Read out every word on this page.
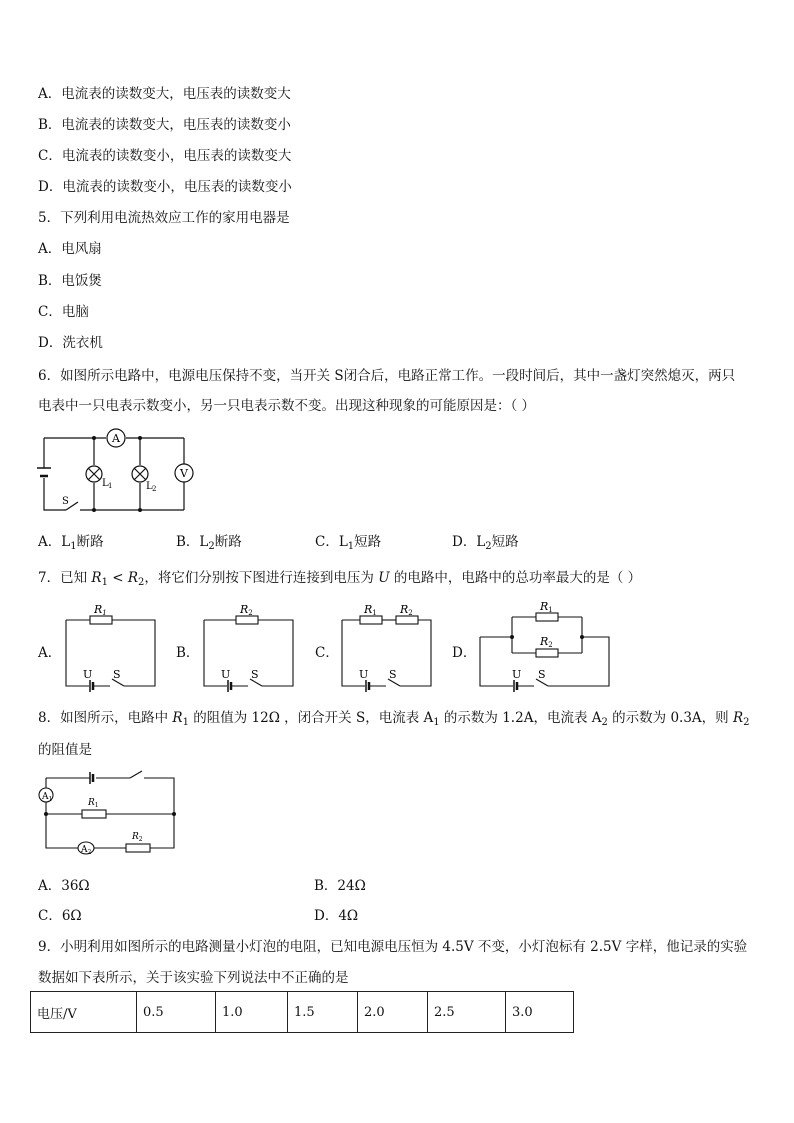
A．电流表的读数变大，电压表的读数变大
B．电流表的读数变大，电压表的读数变小
C．电流表的读数变小，电压表的读数变大
D．电流表的读数变小，电压表的读数变小
5．下列利用电流热效应工作的家用电器是
A．电风扇
B．电饭煲
C．电脑
D．洗衣机
6．如图所示电路中，电源电压保持不变，当开关 S闭合后，电路正常工作。一段时间后，其中一盏灯突然熄灭，两只
电表中一只电表示数变小，另一只电表示数不变。出现这种现象的可能原因是：（ ）
A
V
S
L 1	L 2
A．$L_1$断路	B．$L_2$断路	C．$L_1$短路	D．$L_2$短路
7．已知 $R_1 < R_2$，将它们分别按下图进行连接到电压为 U 的电路中，电路中的总功率最大的是（ ）
A．	B．	C．	D．
R1
U S
R2
U S
R1 R2
U S
R1
R2
U S
8．如图所示，电路中 $R_1$ 的阻值为 12Ω ，闭合开关 S，电流表 $A_1$ 的示数为 1.2A，电流表 $A_2$ 的示数为 0.3A，则 $R_2$
的阻值是
$A_1$
$A_2$
$R_1$
$R_2$
A．36Ω	B．24Ω
C．6Ω	D．4Ω
9．小明利用如图所示的电路测量小灯泡的电阻，已知电源电压恒为 4.5V 不变，小灯泡标有 2.5V 字样，他记录的实验
数据如下表所示，关于该实验下列说法中不正确的是
电压/V	0.5	1.0	1.5	2.0	2.5	3.0
